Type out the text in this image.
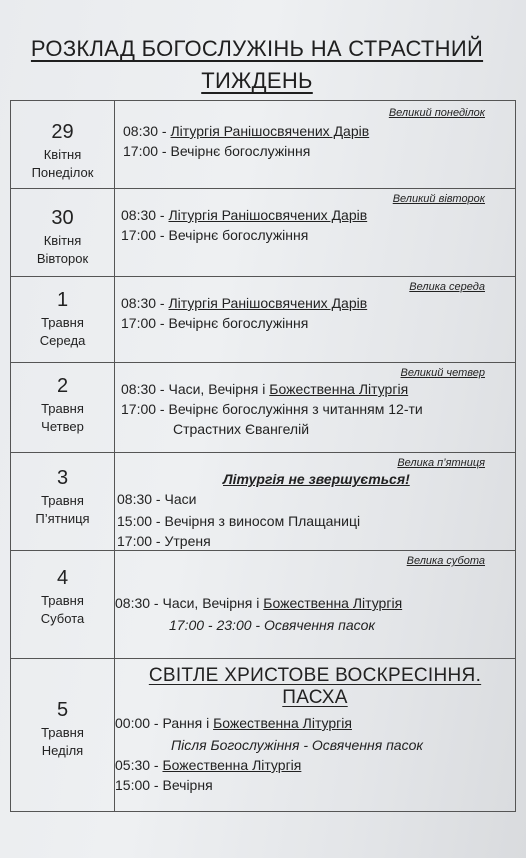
РОЗКЛАД БОГОСЛУЖІНЬ НА СТРАСТНИЙ
ТИЖДЕНЬ
29
Квітня
Понеділок
Великий понеділок
08:30 - Літургія Ранішосвячених Дарів
17:00 - Вечірнє богослужіння
30
Квітня
Вівторок
Великий вівторок
08:30 - Літургія Ранішосвячених Дарів
17:00 - Вечірнє богослужіння
1
Травня
Середа
Велика середа
08:30 - Літургія Ранішосвячених Дарів
17:00 - Вечірнє богослужіння
2
Травня
Четвер
Великий четвер
08:30 - Часи, Вечірня і Божественна Літургія
17:00 - Вечірнє богослужіння з читанням 12-ти
Страстних Євангелій
3
Травня
П’ятниця
Велика п’ятниця
Літургія не звершується!
08:30 - Часи
15:00 - Вечірня з виносом Плащаниці
17:00 - Утреня
4
Травня
Субота
Велика субота
08:30 - Часи, Вечірня і Божественна Літургія
17:00 - 23:00 - Освячення пасок
5
Травня
Неділя
СВІТЛЕ ХРИСТОВЕ ВОСКРЕСІННЯ. ПАСХА
00:00 - Рання і Божественна Літургія
Після Богослужіння - Освячення пасок
05:30 - Божественна Літургія
15:00 - Вечірня
